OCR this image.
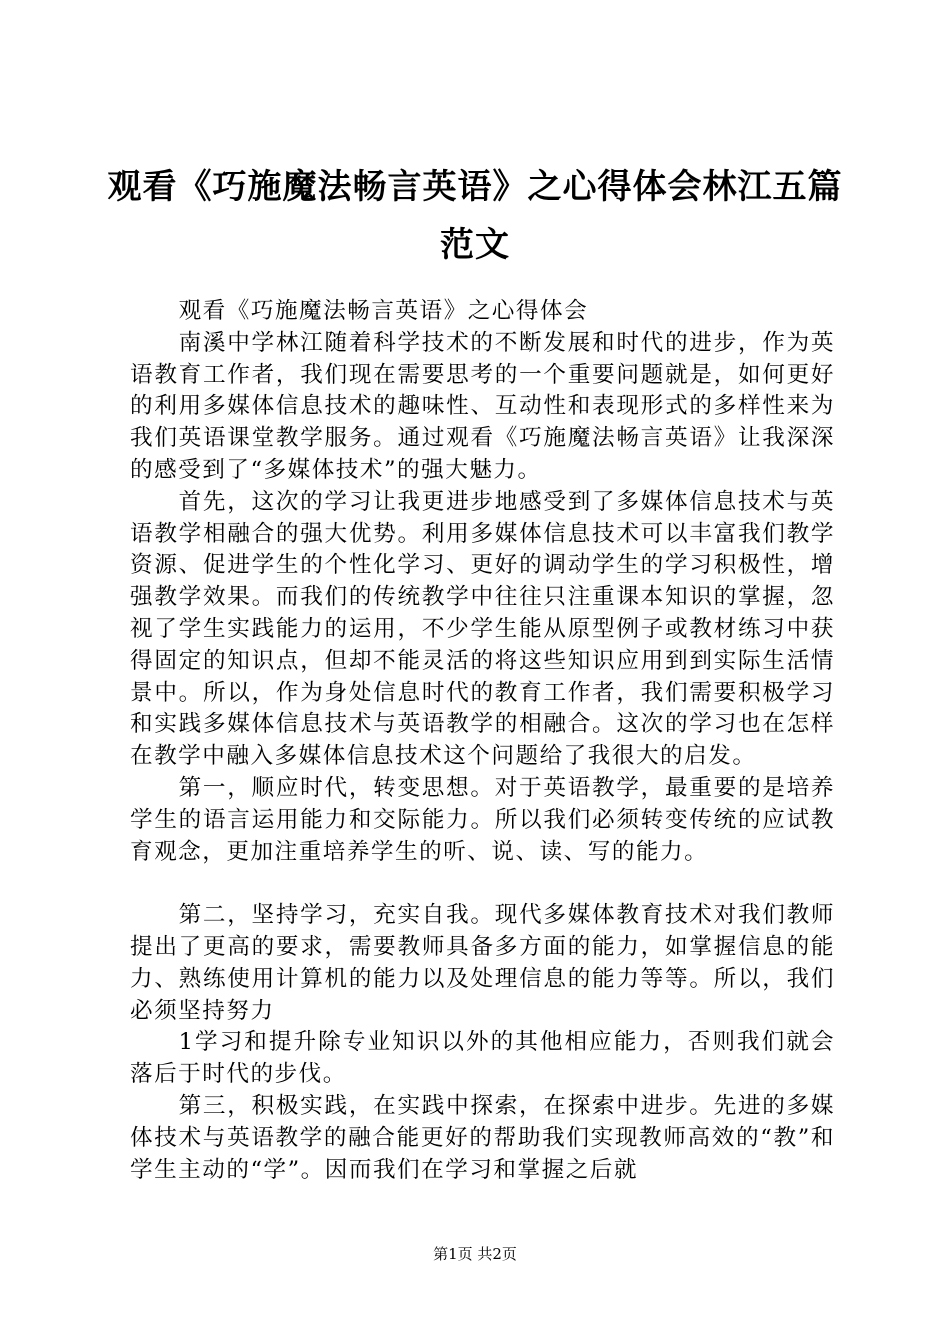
观看《巧施魔法畅言英语》之心得体会林江五篇范文

观看《巧施魔法畅言英语》之心得体会

南溪中学林江随着科学技术的不断发展和时代的进步，作为英语教育工作者，我们现在需要思考的一个重要问题就是，如何更好的利用多媒体信息技术的趣味性、互动性和表现形式的多样性来为我们英语课堂教学服务。通过观看《巧施魔法畅言英语》让我深深的感受到了“多媒体技术”的强大魅力。

首先，这次的学习让我更进步地感受到了多媒体信息技术与英语教学相融合的强大优势。利用多媒体信息技术可以丰富我们教学资源、促进学生的个性化学习、更好的调动学生的学习积极性，增强教学效果。而我们的传统教学中往往只注重课本知识的掌握，忽视了学生实践能力的运用，不少学生能从原型例子或教材练习中获得固定的知识点，但却不能灵活的将这些知识应用到到实际生活情景中。所以，作为身处信息时代的教育工作者，我们需要积极学习和实践多媒体信息技术与英语教学的相融合。这次的学习也在怎样在教学中融入多媒体信息技术这个问题给了我很大的启发。

第一，顺应时代，转变思想。对于英语教学，最重要的是培养学生的语言运用能力和交际能力。所以我们必须转变传统的应试教育观念，更加注重培养学生的听、说、读、写的能力。

第二，坚持学习，充实自我。现代多媒体教育技术对我们教师提出了更高的要求，需要教师具备多方面的能力，如掌握信息的能力、熟练使用计算机的能力以及处理信息的能力等等。所以，我们必须坚持努力

1学习和提升除专业知识以外的其他相应能力，否则我们就会落后于时代的步伐。

第三，积极实践，在实践中探索，在探索中进步。先进的多媒体技术与英语教学的融合能更好的帮助我们实现教师高效的“教”和学生主动的“学”。因而我们在学习和掌握之后就

第1页 共2页
